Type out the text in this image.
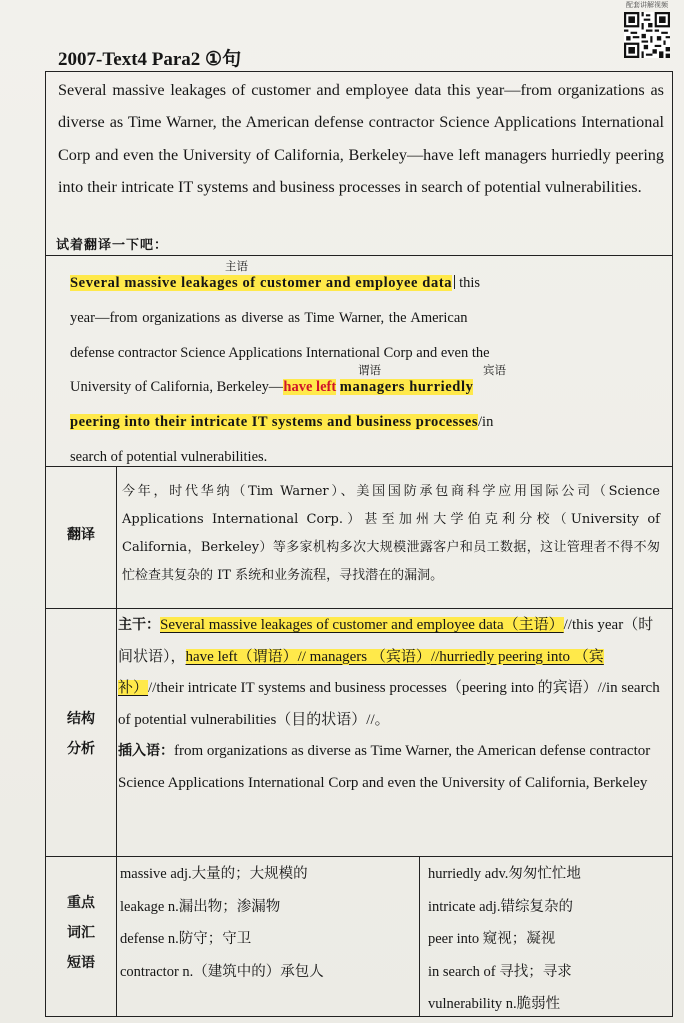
配套讲解视频
2007-Text4 Para2 ①句
Several massive leakages of customer and employee data this year—from organizations as diverse as Time Warner, the American defense contractor Science Applications International Corp and even the University of California, Berkeley—have left managers hurriedly peering into their intricate IT systems and business processes in search of potential vulnerabilities.
试着翻译一下吧：
主语
Several massive leakages of customer and employee data this
year—from organizations as diverse as Time Warner, the American
defense contractor Science Applications International Corp and even the
谓语	宾语
University of California, Berkeley—have left managers hurriedly
peering into their intricate IT systems and business processes/in
search of potential vulnerabilities.
翻译
今年，时代华纳（Tim Warner）、美国国防承包商科学应用国际公司（Science Applications International Corp.）甚至加州大学伯克利分校（University of California，Berkeley）等多家机构多次大规模泄露客户和员工数据，这让管理者不得不匆忙检查其复杂的 IT 系统和业务流程，寻找潜在的漏洞。
结构分析
主干：Several massive leakages of customer and employee data（主语）//this year（时间状语），have left（谓语）// managers （宾语）//hurriedly peering into （宾补）//their intricate IT systems and business processes（peering into 的宾语）//in search of potential vulnerabilities（目的状语）//。
插入语：from organizations as diverse as Time Warner, the American defense contractor Science Applications International Corp and even the University of California, Berkeley
重点词汇短语
massive adj.大量的；大规模的
leakage n.漏出物；渗漏物
defense n.防守；守卫
contractor n.（建筑中的）承包人
hurriedly adv.匆匆忙忙地
intricate adj.错综复杂的
peer into 窥视；凝视
in search of 寻找；寻求
vulnerability n.脆弱性
